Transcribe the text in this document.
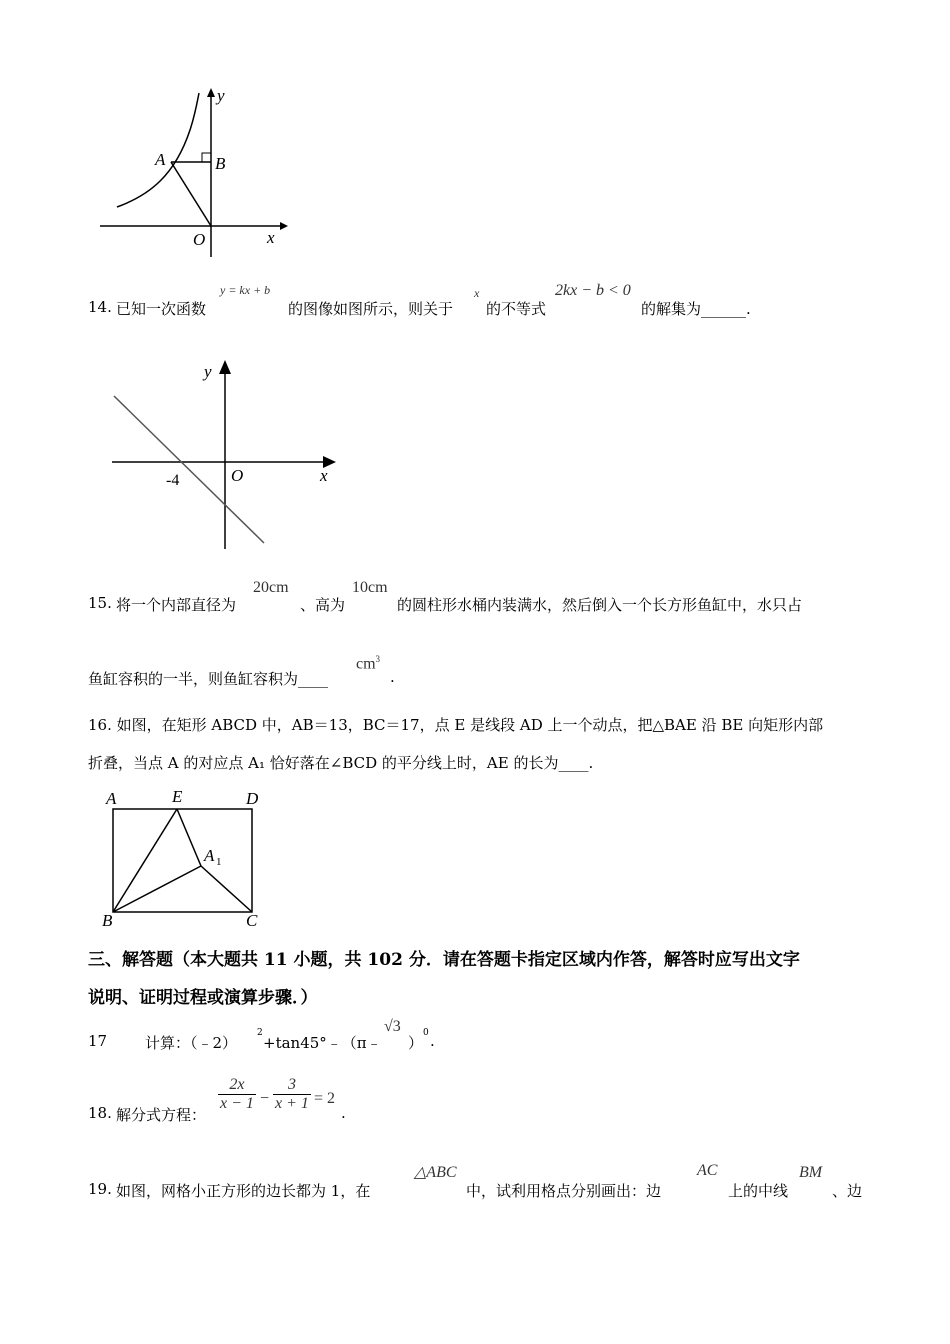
y
A	B
O	x
14. 已知一次函数
y = kx + b
的图像如图所示，则关于
x
的不等式
2kx − b < 0
的解集为______.
y
O	x
-4
15. 将一个内部直径为
20cm
、高为
10cm
的圆柱形水桶内装满水，然后倒入一个长方形鱼缸中，水只占
鱼缸容积的一半，则鱼缸容积为____
$cm^3$
.
16. 如图，在矩形 ABCD 中，AB＝13，BC＝17，点 E 是线段 AD 上一个动点，把△BAE 沿 BE 向矩形内部
折叠，当点 A 的对应点 A₁ 恰好落在∠BCD 的平分线上时，AE 的长为____.
A	E	D
A 1
B	C
三、解答题（本大题共 11 小题，共 102 分．请在答题卡指定区域内作答，解答时应写出文字
说明、证明过程或演算步骤．）
17	计算：（﹣2）
2
+tan45°﹣（π﹣
√3
）
0 .
18. 解分式方程：
$\frac{2x}{x - 1} - \frac{3}{x + 1} = 2$
.
19. 如图，网格小正方形的边长都为 1，在
△ABC
中，试利用格点分别画出：边
AC
上的中线
BM
、边
